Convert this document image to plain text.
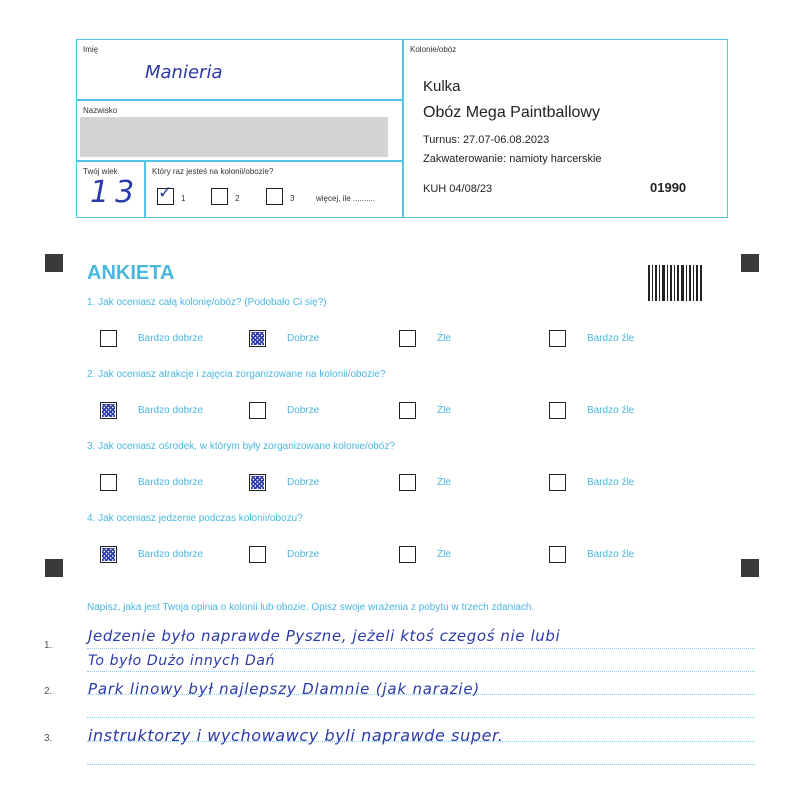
Imię
Manieria
Nazwisko
Twój wiek
13
Który raz jesteś na kolonii/obozie?
✓
1	2	3	więcej, ile ..........
Kolonie/obóz
Kulka
Obóz Mega Paintballowy
Turnus: 27.07-06.08.2023
Zakwaterowanie: namioty harcerskie
KUH 04/08/23	01990
ANKIETA
1. Jak oceniasz całą kolonię/obóz? (Podobało Ci się?)
Bardzo dobrze	Dobrze	Źle	Bardzo źle
2. Jak oceniasz atrakcje i zajęcia zorganizowane na kolonii/obozie?
Bardzo dobrze	Dobrze	Źle	Bardzo źle
3. Jak oceniasz ośrodek, w którym były zorganizowane kolonie/obóz?
Bardzo dobrze	Dobrze	Źle	Bardzo źle
4. Jak oceniasz jedzenie podczas kolonii/obozu?
Bardzo dobrze	Dobrze	Źle	Bardzo źle
Napisz, jaka jest Twoja opinia o kolonii lub obozie. Opisz swoje wrażenia z pobytu w trzech zdaniach.
1.
2.
3.
Jedzenie było naprawde Pyszne, jeżeli ktoś czegoś nie lubi
To było Dużo innych Dań
Park linowy był najlepszy Dlamnie (jak narazie)
instruktorzy i wychowawcy byli naprawde super.
